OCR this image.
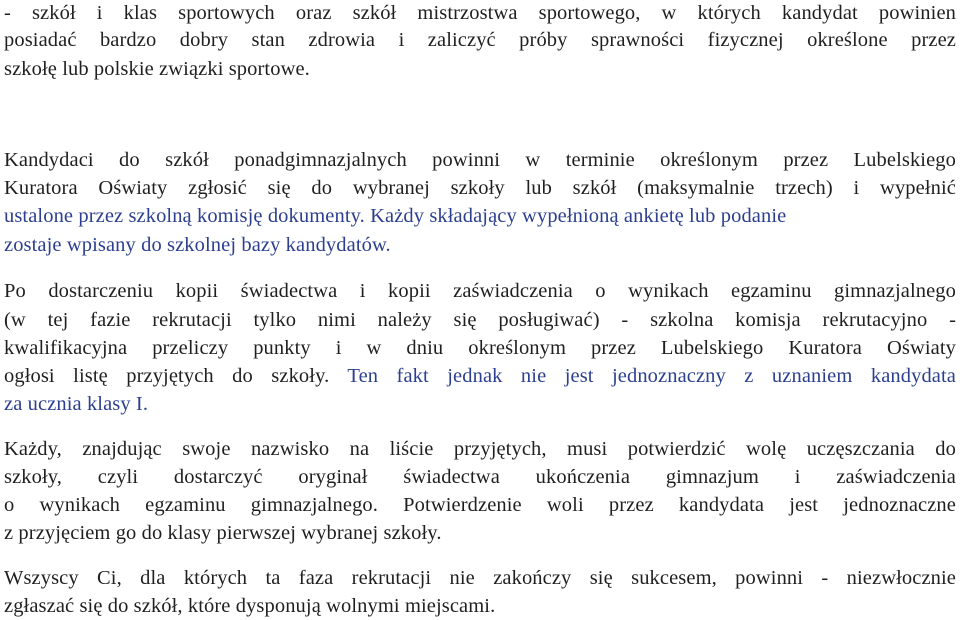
- szkół i klas sportowych oraz szkół mistrzostwa sportowego, w których kandydat powinien
posiadać bardzo dobry stan zdrowia i zaliczyć próby sprawności fizycznej określone przez
szkołę lub polskie związki sportowe.
Kandydaci do szkół ponadgimnazjalnych powinni w terminie określonym przez Lubelskiego
Kuratora Oświaty zgłosić się do wybranej szkoły lub szkół (maksymalnie trzech) i wypełnić
ustalone przez szkolną komisję dokumenty. Każdy składający wypełnioną ankietę lub podanie
zostaje wpisany do szkolnej bazy kandydatów.
Po dostarczeniu kopii świadectwa i kopii zaświadczenia o wynikach egzaminu gimnazjalnego
(w tej fazie rekrutacji tylko nimi należy się posługiwać) - szkolna komisja rekrutacyjno -
kwalifikacyjna przeliczy punkty i w dniu określonym przez Lubelskiego Kuratora Oświaty
ogłosi listę przyjętych do szkoły. Ten fakt jednak nie jest jednoznaczny z uznaniem kandydata
za ucznia klasy I.
Każdy, znajdując swoje nazwisko na liście przyjętych, musi potwierdzić wolę uczęszczania do
szkoły, czyli dostarczyć oryginał świadectwa ukończenia gimnazjum i zaświadczenia
o wynikach egzaminu gimnazjalnego. Potwierdzenie woli przez kandydata jest jednoznaczne
z przyjęciem go do klasy pierwszej wybranej szkoły.
Wszyscy Ci, dla których ta faza rekrutacji nie zakończy się sukcesem, powinni - niezwłocznie
zgłaszać się do szkół, które dysponują wolnymi miejscami.
